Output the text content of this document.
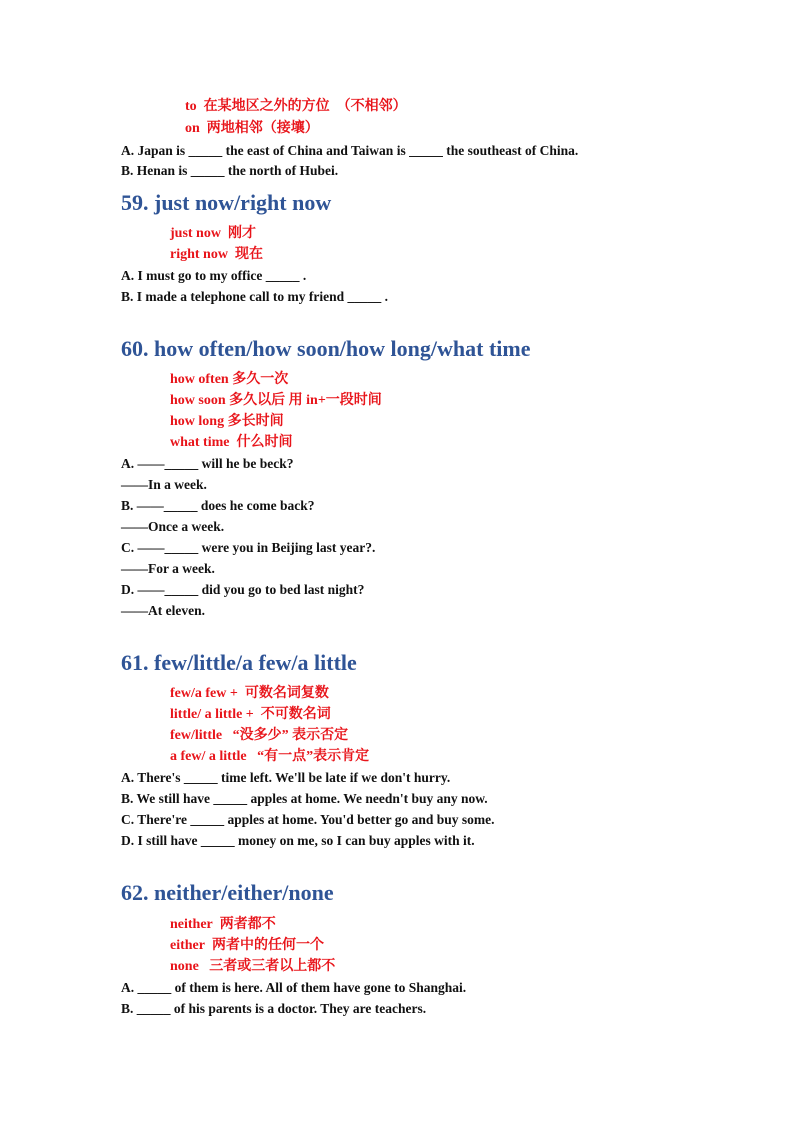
to 在某地区之外的方位　（不相邻）
on 两地相邻（接壤）
A. Japan is _____ the east of China and Taiwan is _____ the southeast of China.
B. Henan is _____ the north of Hubei.
59. just now/right now
just now 刚才
right now 现在
A. I must go to my office _____ .
B. I made a telephone call to my friend _____ .
60. how often/how soon/how long/what time
how often 多久一次
how soon 多久以后 用 in+一段时间
how long 多长时间
what time 什么时间
A. ——_____ will he be beck?
——In a week.
B. ——_____ does he come back?
——Once a week.
C. ——_____ were you in Beijing last year?.
——For a week.
D. ——_____ did you go to bed last night?
——At eleven.
61. few/little/a few/a little
few/a few + 可数名词复数
little/ a little + 不可数名词
few/little “没多少” 表示否定
a few/ a little “有一点”表示肯定
A. There's _____ time left. We'll be late if we don't hurry.
B. We still have _____ apples at home. We needn't buy any now.
C. There're _____ apples at home. You'd better go and buy some.
D. I still have _____ money on me, so I can buy apples with it.
62. neither/either/none
neither 两者都不
either 两者中的任何一个
none   三者或三者以上都不
A. _____ of them is here. All of them have gone to Shanghai.
B. _____ of his parents is a doctor. They are teachers.
